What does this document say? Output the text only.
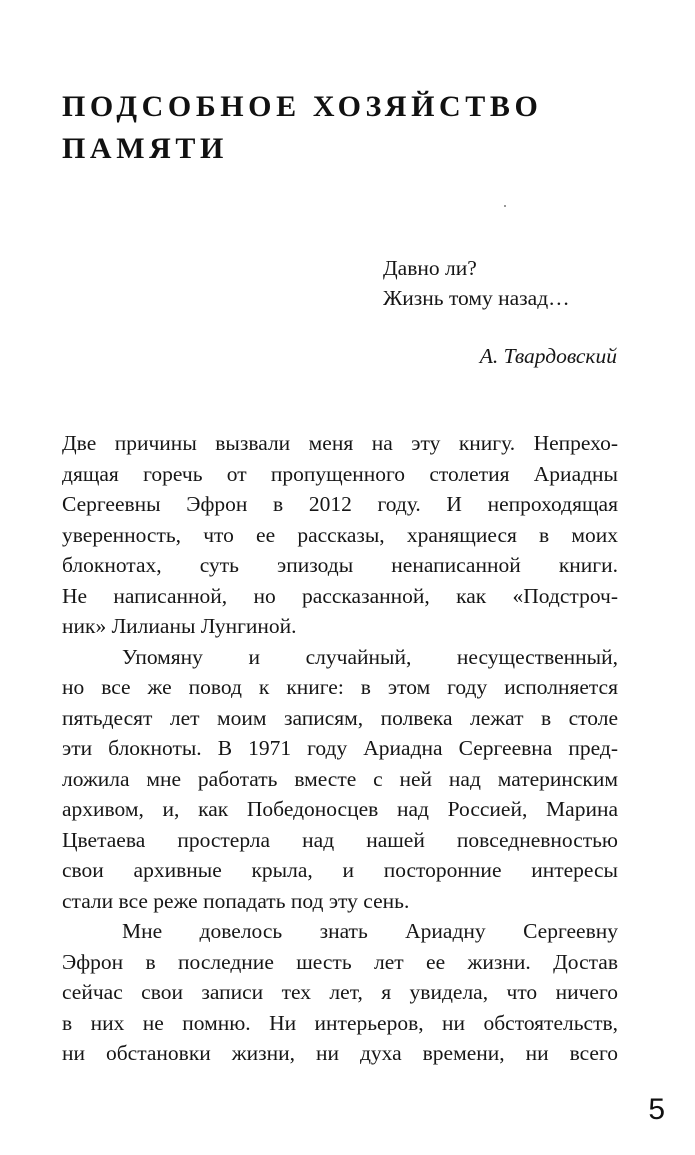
ПОДСОБНОЕ ХОЗЯЙСТВО
ПАМЯТИ
Давно ли?
Жизнь тому назад…
А. Твардовский
Две причины вызвали меня на эту книгу. Непрехо-
дящая горечь от пропущенного столетия Ариадны
Сергеевны Эфрон в 2012 году. И непроходящая
уверенность, что ее рассказы, хранящиеся в моих
блокнотах, суть эпизоды ненаписанной книги.
Не написанной, но рассказанной, как «Подстроч-
ник» Лилианы Лунгиной.
Упомяну и случайный, несущественный,
но все же повод к книге: в этом году исполняется
пятьдесят лет моим записям, полвека лежат в столе
эти блокноты. В 1971 году Ариадна Сергеевна пред-
ложила мне работать вместе с ней над материнским
архивом, и, как Победоносцев над Россией, Марина
Цветаева простерла над нашей повседневностью
свои архивные крыла, и посторонние интересы
стали все реже попадать под эту сень.
Мне довелось знать Ариадну Сергеевну
Эфрон в последние шесть лет ее жизни. Достав
сейчас свои записи тех лет, я увидела, что ничего
в них не помню. Ни интерьеров, ни обстоятельств,
ни обстановки жизни, ни духа времени, ни всего
5
